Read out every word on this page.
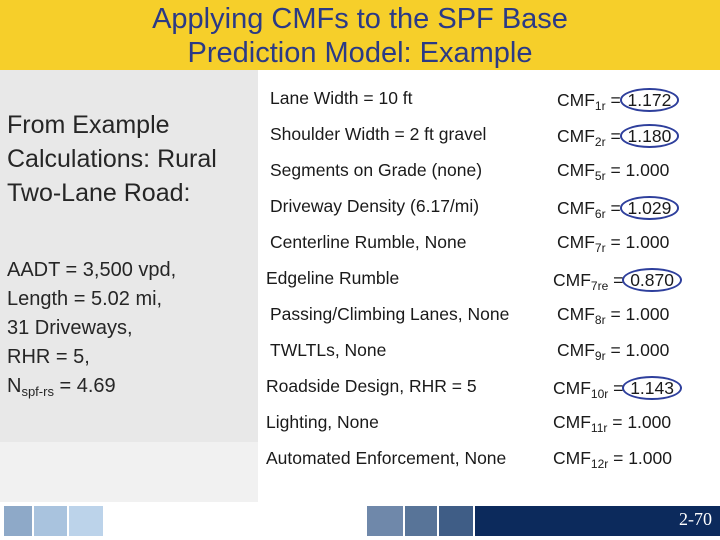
Applying CMFs to the SPF Base
Prediction Model: Example
From Example Calculations: Rural Two-Lane Road:
AADT = 3,500 vpd,
Length = 5.02 mi,
31 Driveways,
RHR = 5,
$N_{spf-rs} = 4.69$
Lane Width = 10 ft	$CMF_{1r} = 1.172$
Shoulder Width = 2 ft gravel	$CMF_{2r} = 1.180$
Segments on Grade (none)	$CMF_{5r} = 1.000$
Driveway Density (6.17/mi)	$CMF_{6r} = 1.029$
Centerline Rumble, None	$CMF_{7r} = 1.000$
Edgeline Rumble	$CMF_{7re} = 0.870$
Passing/Climbing Lanes, None	$CMF_{8r} = 1.000$
TWLTLs, None	$CMF_{9r} = 1.000$
Roadside Design, RHR = 5	$CMF_{10r} = 1.143$
Lighting, None	$CMF_{11r} = 1.000$
Automated Enforcement, None	$CMF_{12r} = 1.000$
2-70
